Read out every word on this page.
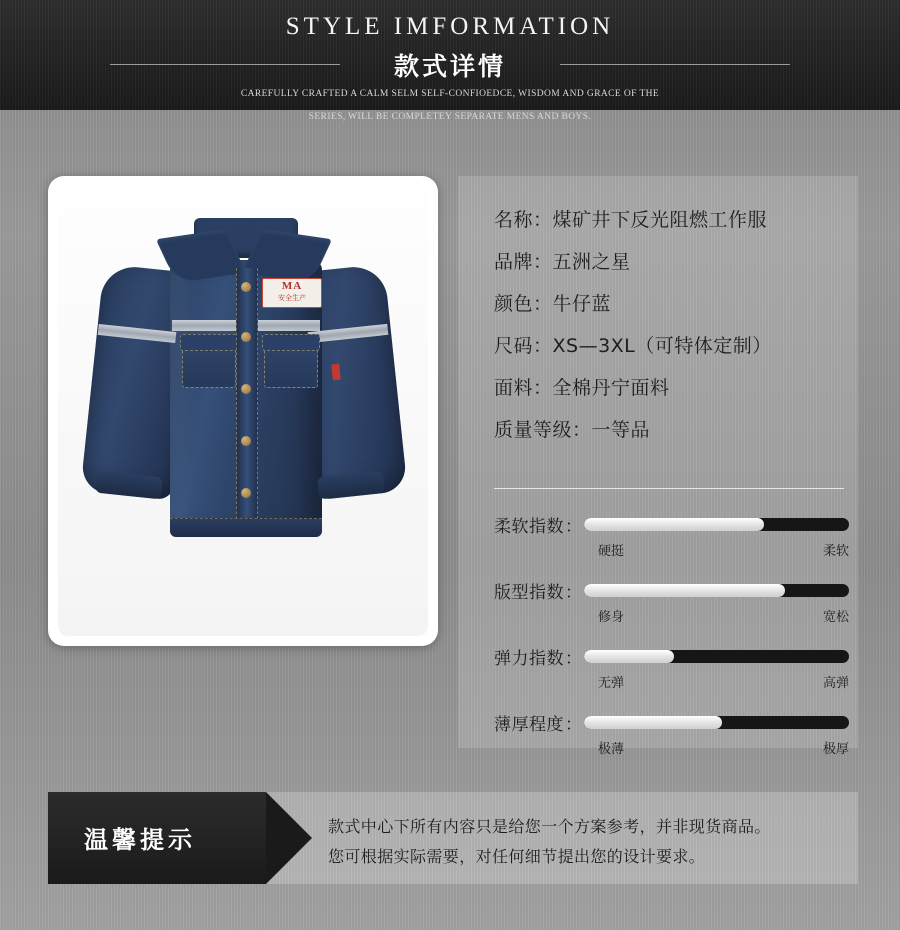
STYLE IMFORMATION
款式详情
CAREFULLY CRAFTED A CALM SELM SELF-CONFIOEDCE, WISDOM AND GRACE OF THE
SERIES, WILL BE COMPLETEY SEPARATE MENS AND BOYS.
MA
安全生产
名称：煤矿井下反光阻燃工作服
品牌：五洲之星
颜色：牛仔蓝
尺码：XS—3XL（可特体定制）
面料：全棉丹宁面料
质量等级：一等品
柔软指数 ：
硬挺	柔软
版型指数 ：
修身	宽松
弹力指数 ：
无弹	高弹
薄厚程度 ：
极薄	极厚
款式中心下所有内容只是给您一个方案参考，并非现货商品。
您可根据实际需要，对任何细节提出您的设计要求。
温馨提示
